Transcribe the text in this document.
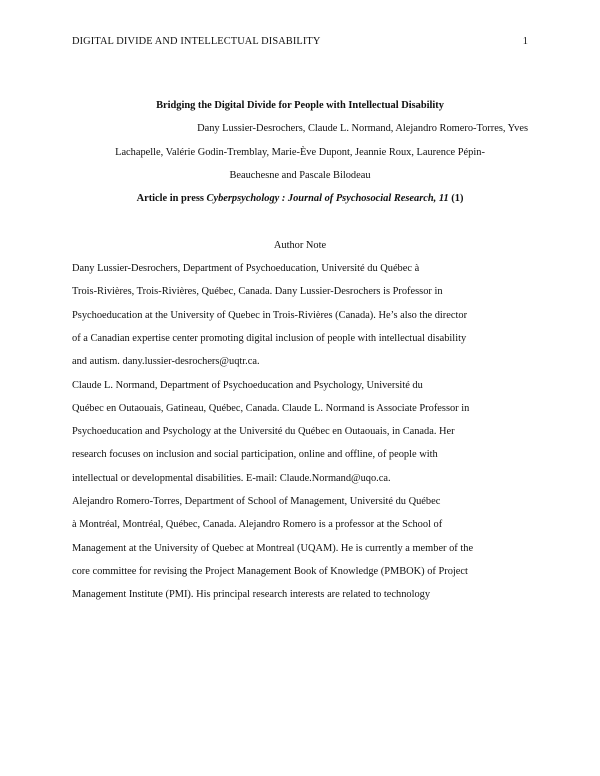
DIGITAL DIVIDE AND INTELLECTUAL DISABILITY	1
Bridging the Digital Divide for People with Intellectual Disability
Dany Lussier-Desrochers, Claude L. Normand, Alejandro Romero-Torres, Yves
Lachapelle, Valérie Godin-Tremblay, Marie-Ève Dupont, Jeannie Roux, Laurence Pépin-
Beauchesne and Pascale Bilodeau
Article in press Cyberpsychology : Journal of Psychosocial Research, 11 (1)
Author Note
Dany Lussier-Desrochers, Department of Psychoeducation, Université du Québec à
Trois-Rivières, Trois-Rivières, Québec, Canada. Dany Lussier-Desrochers is Professor in
Psychoeducation at the University of Quebec in Trois-Rivières (Canada). He’s also the director
of a Canadian expertise center promoting digital inclusion of people with intellectual disability
and autism. dany.lussier-desrochers@uqtr.ca.
Claude L. Normand, Department of Psychoeducation and Psychology, Université du
Québec en Outaouais, Gatineau, Québec, Canada. Claude L. Normand is Associate Professor in
Psychoeducation and Psychology at the Université du Québec en Outaouais, in Canada. Her
research focuses on inclusion and social participation, online and offline, of people with
intellectual or developmental disabilities. E-mail: Claude.Normand@uqo.ca.
Alejandro Romero-Torres, Department of School of Management, Université du Québec
à Montréal, Montréal, Québec, Canada. Alejandro Romero is a professor at the School of
Management at the University of Quebec at Montreal (UQAM). He is currently a member of the
core committee for revising the Project Management Book of Knowledge (PMBOK) of Project
Management Institute (PMI). His principal research interests are related to technology
